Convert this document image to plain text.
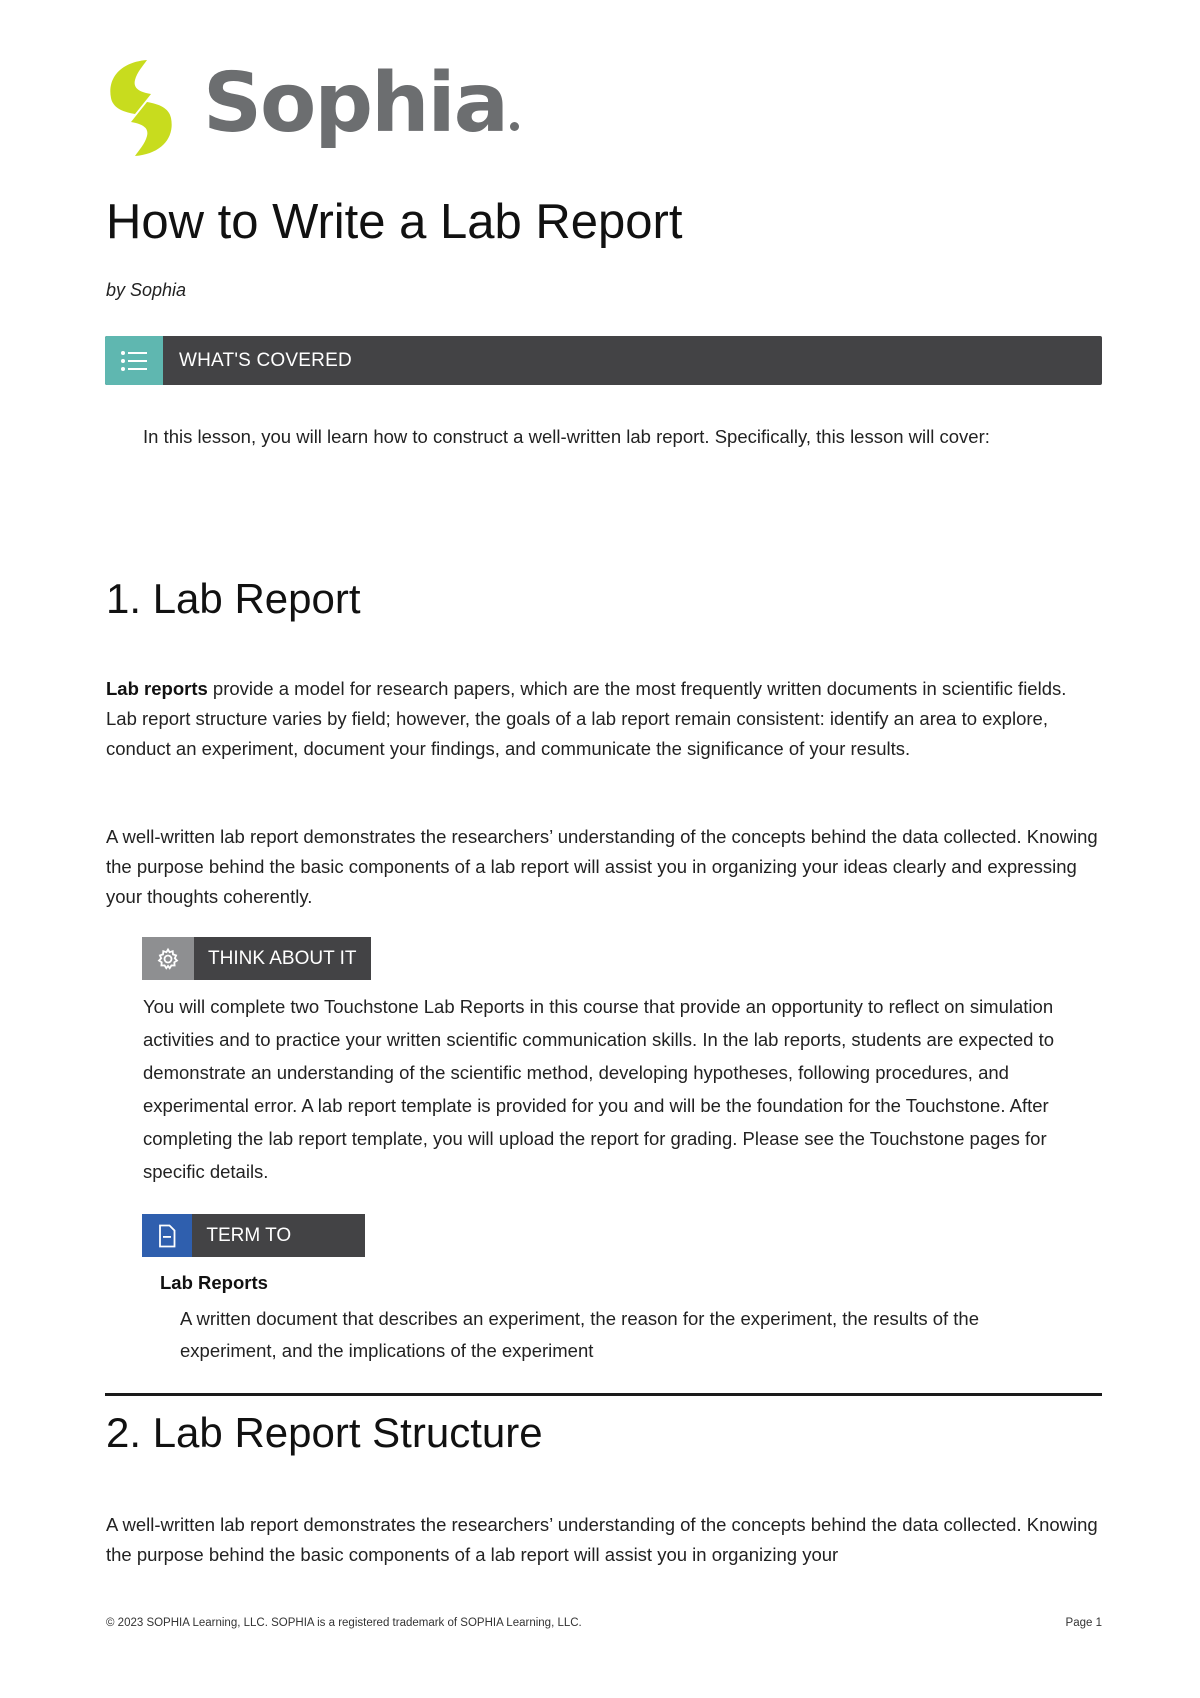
Sophia
How to Write a Lab Report
by Sophia
WHAT'S COVERED

In this lesson, you will learn how to construct a well-written lab report. Specifically, this lesson will cover:

1. Lab Report

Lab reports provide a model for research papers, which are the most frequently written documents in scientific fields. Lab report structure varies by field; however, the goals of a lab report remain consistent: identify an area to explore, conduct an experiment, document your findings, and communicate the significance of your results.

A well-written lab report demonstrates the researchers’ understanding of the concepts behind the data collected. Knowing the purpose behind the basic components of a lab report will assist you in organizing your ideas clearly and expressing your thoughts coherently.

THINK ABOUT IT

You will complete two Touchstone Lab Reports in this course that provide an opportunity to reflect on simulation activities and to practice your written scientific communication skills. In the lab reports, students are expected to demonstrate an understanding of the scientific method, developing hypotheses, following procedures, and experimental error. A lab report template is provided for you and will be the foundation for the Touchstone. After completing the lab report template, you will upload the report for grading. Please see the Touchstone pages for specific details.

TERM TO
Lab Reports

A written document that describes an experiment, the reason for the experiment, the results of the experiment, and the implications of the experiment

2. Lab Report Structure

A well-written lab report demonstrates the researchers’ understanding of the concepts behind the data collected. Knowing the purpose behind the basic components of a lab report will assist you in organizing your

© 2023 SOPHIA Learning, LLC. SOPHIA is a registered trademark of SOPHIA Learning, LLC.	Page 1
